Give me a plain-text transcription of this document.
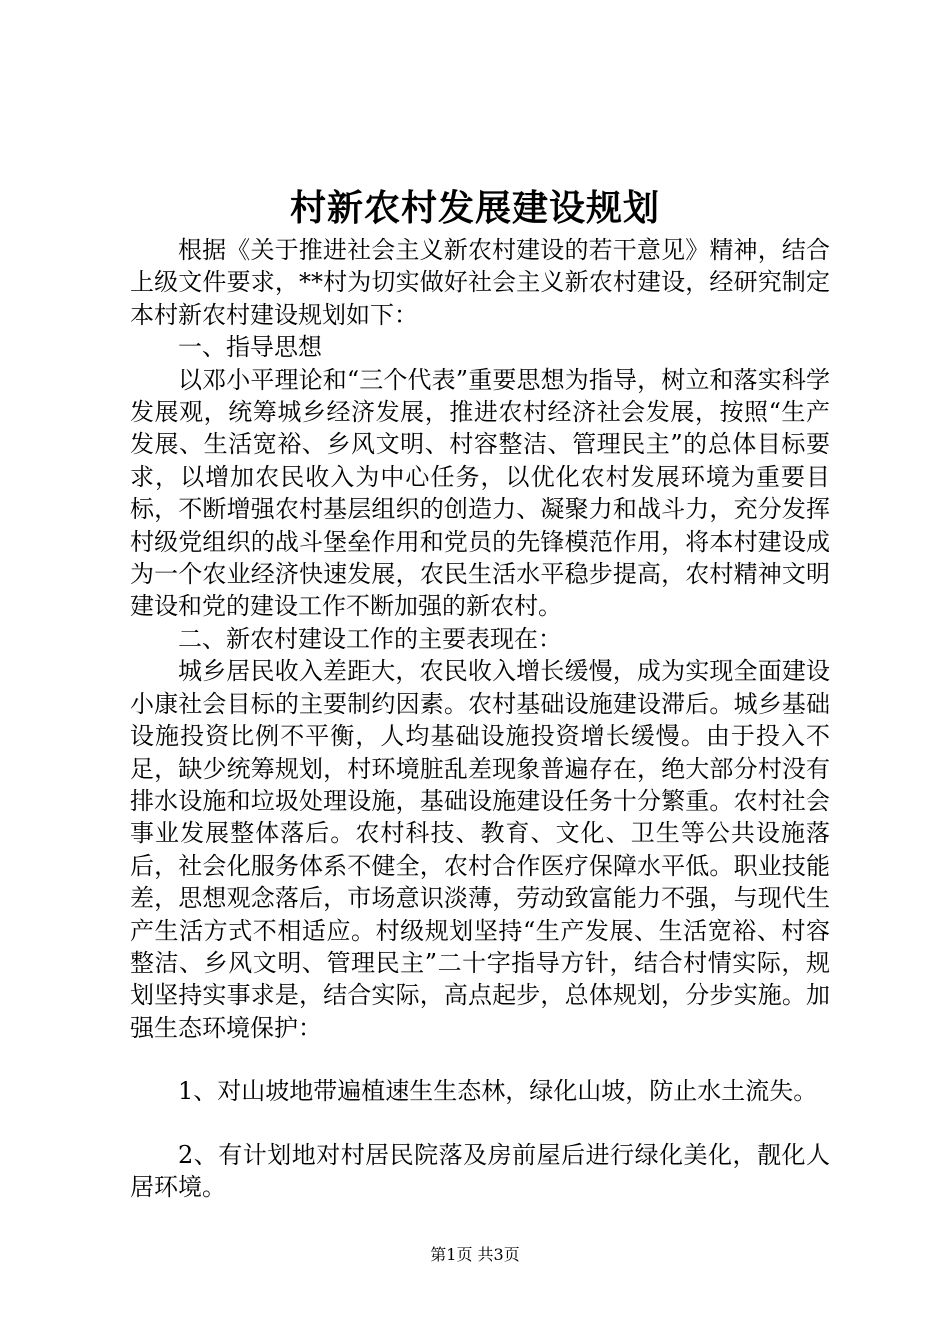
村新农村发展建设规划

根据《关于推进社会主义新农村建设的若干意见》精神，结合上级文件要求，**村为切实做好社会主义新农村建设，经研究制定本村新农村建设规划如下：

一、指导思想

以邓小平理论和“三个代表”重要思想为指导，树立和落实科学发展观，统筹城乡经济发展，推进农村经济社会发展，按照“生产发展、生活宽裕、乡风文明、村容整洁、管理民主”的总体目标要求，以增加农民收入为中心任务，以优化农村发展环境为重要目标，不断增强农村基层组织的创造力、凝聚力和战斗力，充分发挥村级党组织的战斗堡垒作用和党员的先锋模范作用，将本村建设成为一个农业经济快速发展，农民生活水平稳步提高，农村精神文明建设和党的建设工作不断加强的新农村。

二、新农村建设工作的主要表现在：

城乡居民收入差距大，农民收入增长缓慢，成为实现全面建设小康社会目标的主要制约因素。农村基础设施建设滞后。城乡基础设施投资比例不平衡，人均基础设施投资增长缓慢。由于投入不足，缺少统筹规划，村环境脏乱差现象普遍存在，绝大部分村没有排水设施和垃圾处理设施，基础设施建设任务十分繁重。农村社会事业发展整体落后。农村科技、教育、文化、卫生等公共设施落后，社会化服务体系不健全，农村合作医疗保障水平低。职业技能差，思想观念落后，市场意识淡薄，劳动致富能力不强，与现代生产生活方式不相适应。村级规划坚持“生产发展、生活宽裕、村容整洁、乡风文明、管理民主”二十字指导方针，结合村情实际，规划坚持实事求是，结合实际，高点起步，总体规划，分步实施。加强生态环境保护：

1、对山坡地带遍植速生生态林，绿化山坡，防止水土流失。

2、有计划地对村居民院落及房前屋后进行绿化美化，靓化人居环境。

第1页 共3页
